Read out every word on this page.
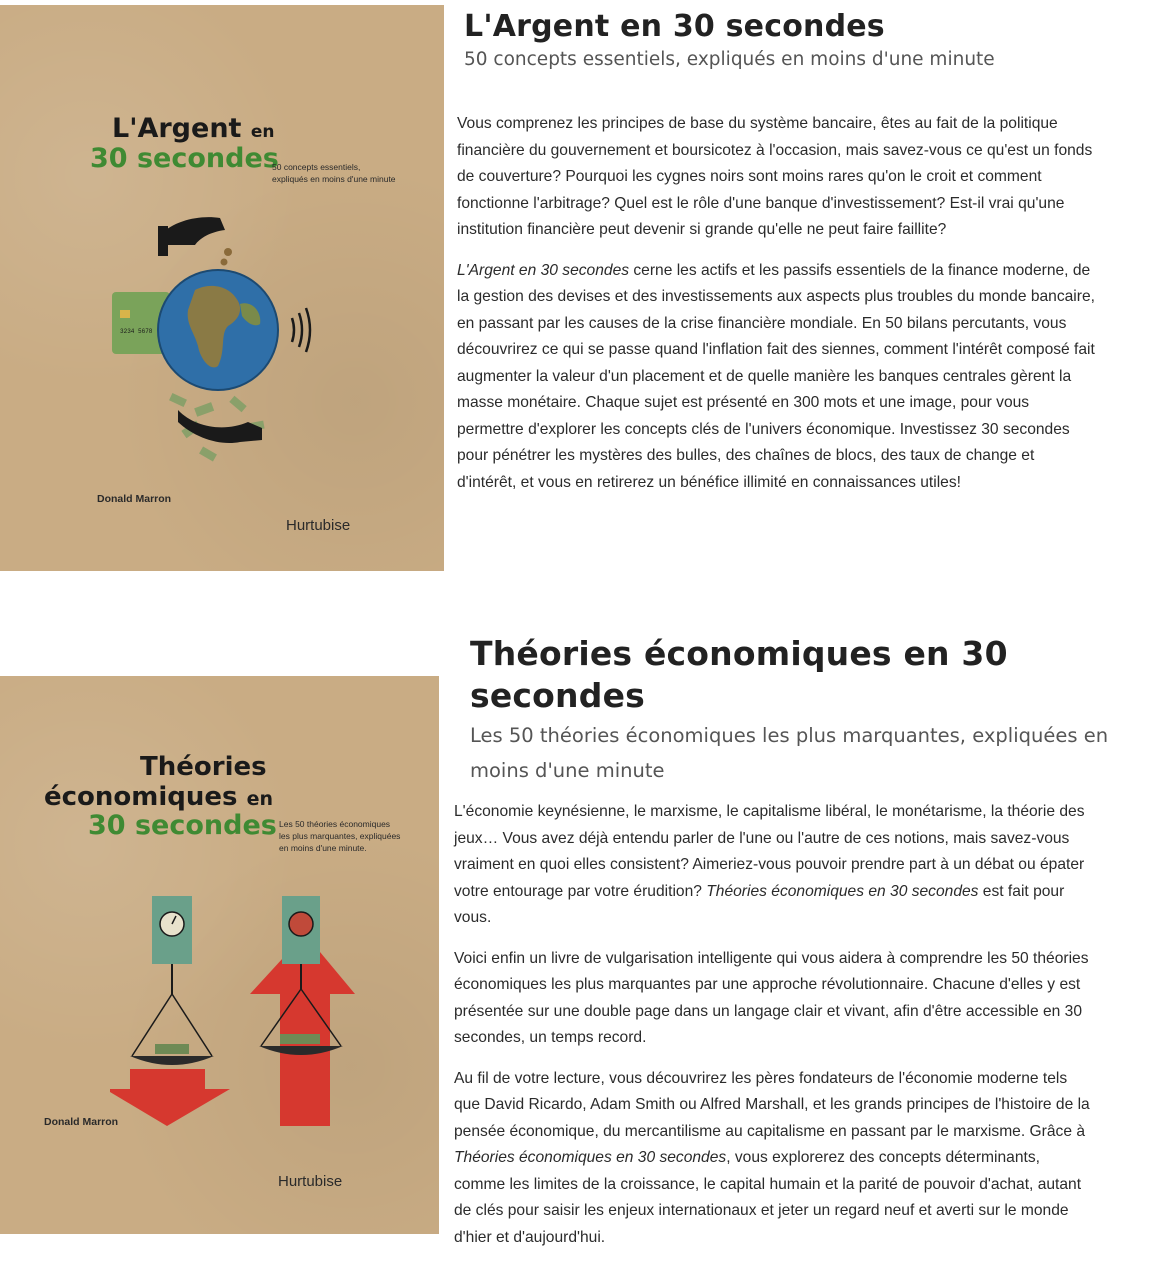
L'Argent en
30 secondes
50 concepts essentiels,
expliqués en moins d'une minute
3234 5678
Donald Marron
Hurtubise
L'Argent en 30 secondes
50 concepts essentiels, expliqués en moins d'une minute

Vous comprenez les principes de base du système bancaire, êtes au fait de la politique financière du gouvernement et boursicotez à l'occasion, mais savez-vous ce qu'est un fonds de couverture? Pourquoi les cygnes noirs sont moins rares qu'on le croit et comment fonctionne l'arbitrage? Quel est le rôle d'une banque d'investissement? Est-il vrai qu'une institution financière peut devenir si grande qu'elle ne peut faire faillite?

L'Argent en 30 secondes cerne les actifs et les passifs essentiels de la finance moderne, de la gestion des devises et des investissements aux aspects plus troubles du monde bancaire, en passant par les causes de la crise financière mondiale. En 50 bilans percutants, vous découvrirez ce qui se passe quand l'inflation fait des siennes, comment l'intérêt composé fait augmenter la valeur d'un placement et de quelle manière les banques centrales gèrent la masse monétaire. Chaque sujet est présenté en 300 mots et une image, pour vous permettre d'explorer les concepts clés de l'univers économique. Investissez 30 secondes pour pénétrer les mystères des bulles, des chaînes de blocs, des taux de change et d'intérêt, et vous en retirerez un bénéfice illimité en connaissances utiles!

Théories
économiques en
30 secondes Les 50 théories économiques
les plus marquantes, expliquées
en moins d'une minute.
Donald Marron
Hurtubise
Théories économiques en 30 secondes
Les 50 théories économiques les plus marquantes, expliquées en moins d'une minute

L'économie keynésienne, le marxisme, le capitalisme libéral, le monétarisme, la théorie des jeux… Vous avez déjà entendu parler de l'une ou l'autre de ces notions, mais savez-vous vraiment en quoi elles consistent? Aimeriez-vous pouvoir prendre part à un débat ou épater votre entourage par votre érudition? Théories économiques en 30 secondes est fait pour vous.

Voici enfin un livre de vulgarisation intelligente qui vous aidera à comprendre les 50 théories économiques les plus marquantes par une approche révolutionnaire. Chacune d'elles y est présentée sur une double page dans un langage clair et vivant, afin d'être accessible en 30 secondes, un temps record.

Au fil de votre lecture, vous découvrirez les pères fondateurs de l'économie moderne tels que David Ricardo, Adam Smith ou Alfred Marshall, et les grands principes de l'histoire de la pensée économique, du mercantilisme au capitalisme en passant par le marxisme. Grâce à Théories économiques en 30 secondes, vous explorerez des concepts déterminants, comme les limites de la croissance, le capital humain et la parité de pouvoir d'achat, autant de clés pour saisir les enjeux internationaux et jeter un regard neuf et averti sur le monde d'hier et d'aujourd'hui.
